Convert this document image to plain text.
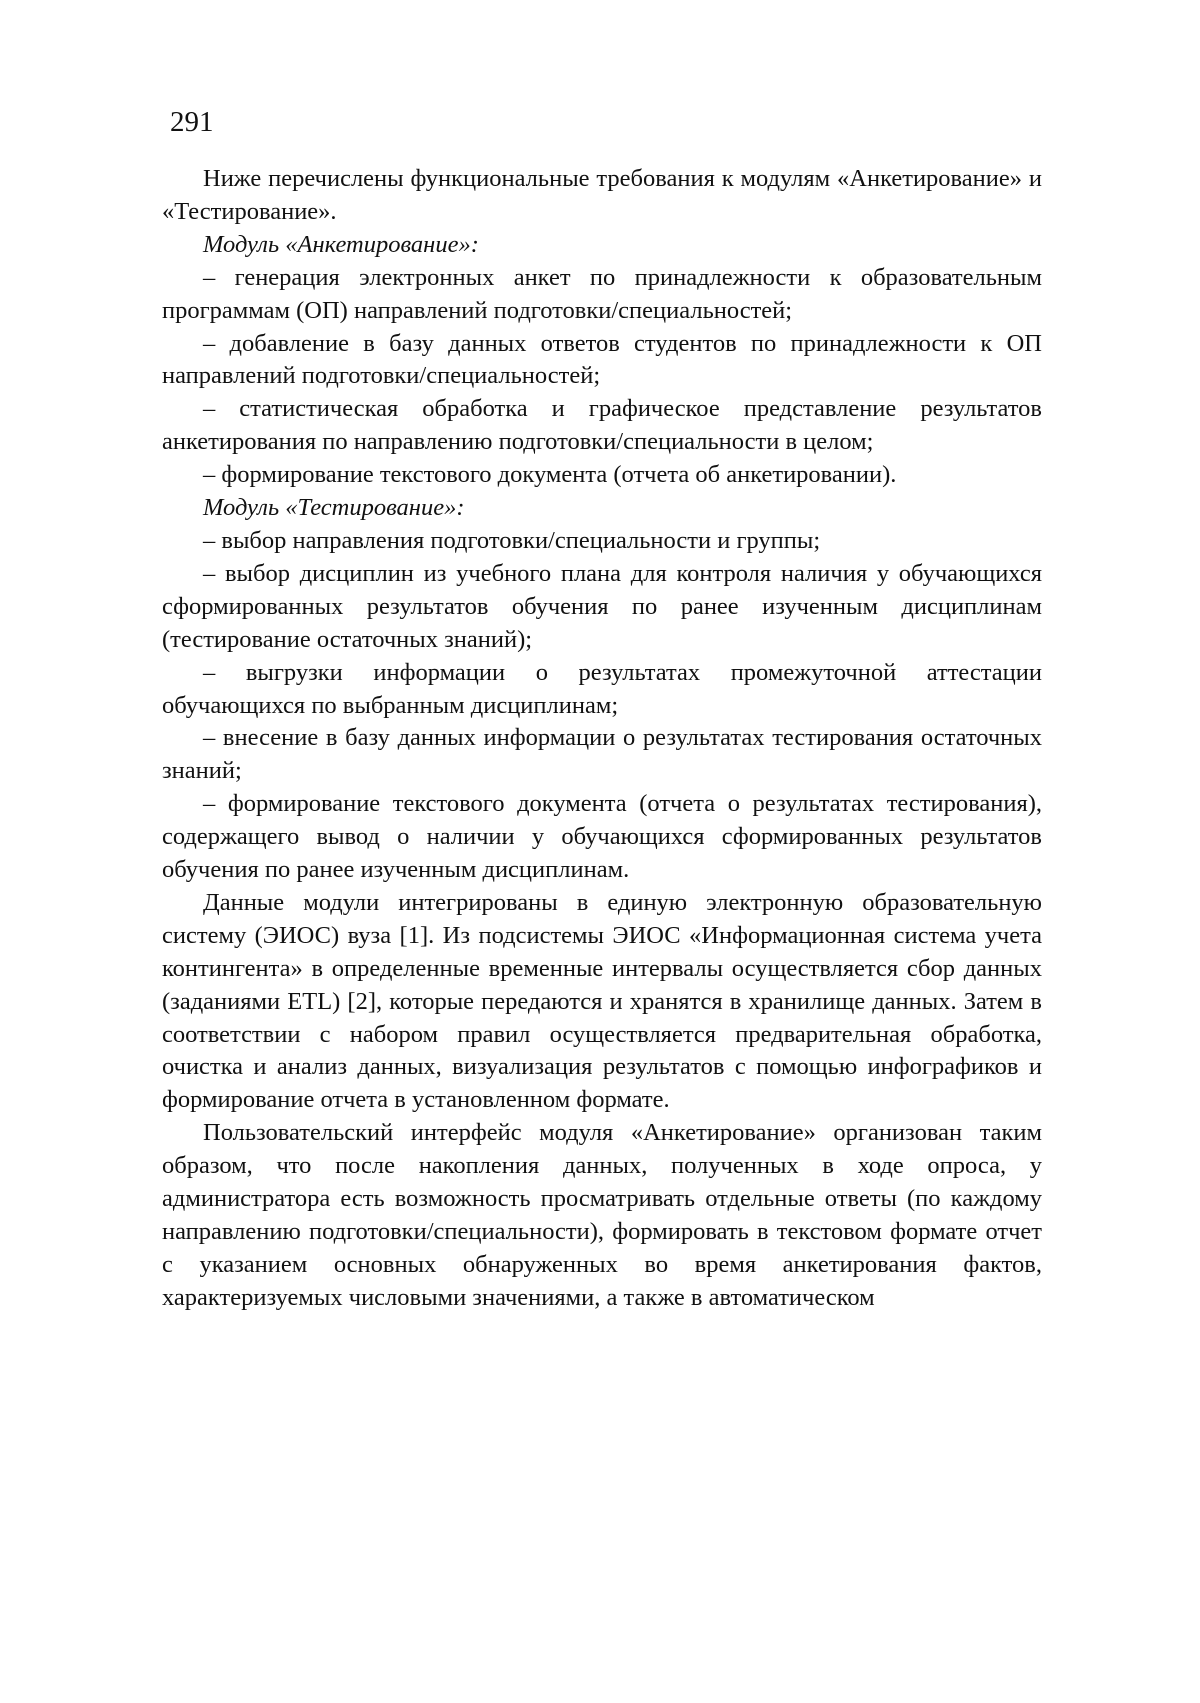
291

Ниже перечислены функциональные требования к модулям «Анкетирование» и «Тестирование».

Модуль «Анкетирование»:

– генерация электронных анкет по принадлежности к образовательным программам (ОП) направлений подготовки/специальностей;

– добавление в базу данных ответов студентов по принадлежности к ОП направлений подготовки/специальностей;

– статистическая обработка и графическое представление результатов анкетирования по направлению подготовки/специальности в целом;

– формирование текстового документа (отчета об анкетировании).

Модуль «Тестирование»:

– выбор направления подготовки/специальности и группы;

– выбор дисциплин из учебного плана для контроля наличия у обучающихся сформированных результатов обучения по ранее изученным дисциплинам (тестирование остаточных знаний);

– выгрузки информации о результатах промежуточной аттестации обучающихся по выбранным дисциплинам;

– внесение в базу данных информации о результатах тестирования остаточных знаний;

– формирование текстового документа (отчета о результатах тестирования), содержащего вывод о наличии у обучающихся сформированных результатов обучения по ранее изученным дисциплинам.

Данные модули интегрированы в единую электронную образовательную систему (ЭИОС) вуза [1]. Из подсистемы ЭИОС «Информационная система учета контингента» в определенные временные интервалы осуществляется сбор данных (заданиями ETL) [2], которые передаются и хранятся в хранилище данных. Затем в соответствии с набором правил осуществляется предварительная обработка, очистка и анализ данных, визуализация результатов с помощью инфографиков и формирование отчета в установленном формате.

Пользовательский интерфейс модуля «Анкетирование» организован таким образом, что после накопления данных, полученных в ходе опроса, у администратора есть возможность просматривать отдельные ответы (по каждому направлению подготовки/специальности), формировать в текстовом формате отчет с указанием основных обнаруженных во время анкетирования фактов, характеризуемых числовыми значениями, а также в автоматическом
